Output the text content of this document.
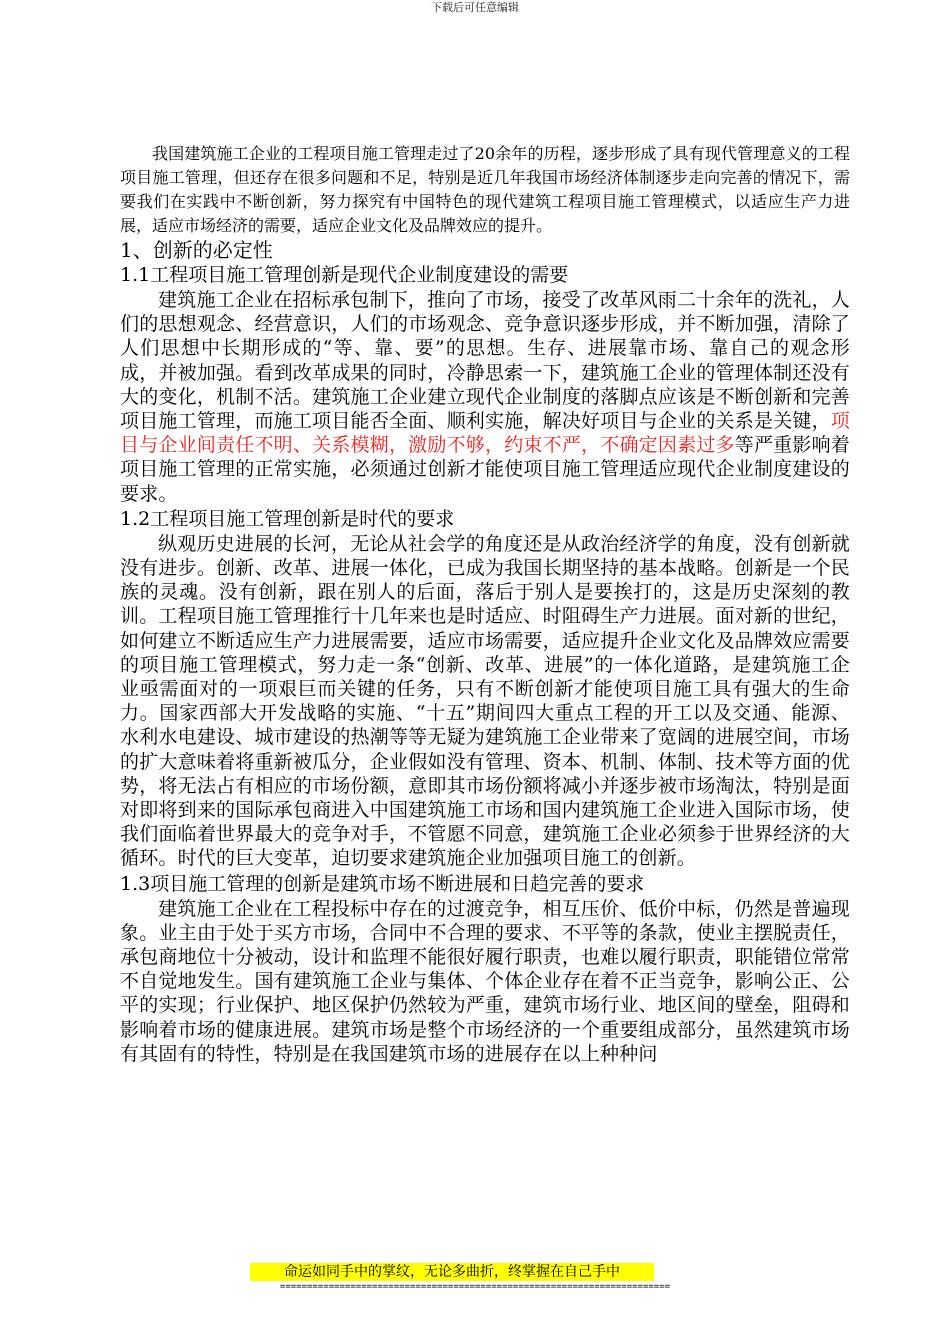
下载后可任意编辑

我国建筑施工企业的工程项目施工管理走过了20余年的历程，逐步形成了具有现代管理意义的工程项目施工管理，但还存在很多问题和不足，特别是近几年我国市场经济体制逐步走向完善的情况下，需要我们在实践中不断创新，努力探究有中国特色的现代建筑工程项目施工管理模式，以适应生产力进展，适应市场经济的需要，适应企业文化及品牌效应的提升。

1、创新的必定性
1.1工程项目施工管理创新是现代企业制度建设的需要

建筑施工企业在招标承包制下，推向了市场，接受了改革风雨二十余年的洗礼，人们的思想观念、经营意识，人们的市场观念、竞争意识逐步形成，并不断加强，清除了人们思想中长期形成的“等、靠、要”的思想。生存、进展靠市场、靠自己的观念形成，并被加强。看到改革成果的同时，冷静思索一下，建筑施工企业的管理体制还没有大的变化，机制不活。建筑施工企业建立现代企业制度的落脚点应该是不断创新和完善项目施工管理，而施工项目能否全面、顺利实施，解决好项目与企业的关系是关键，项目与企业间责任不明、关系模糊，激励不够，约束不严，不确定因素过多等严重影响着项目施工管理的正常实施，必须通过创新才能使项目施工管理适应现代企业制度建设的要求。

1.2工程项目施工管理创新是时代的要求

纵观历史进展的长河，无论从社会学的角度还是从政治经济学的角度，没有创新就没有进步。创新、改革、进展一体化，已成为我国长期坚持的基本战略。创新是一个民族的灵魂。没有创新，跟在别人的后面，落后于别人是要挨打的，这是历史深刻的教训。工程项目施工管理推行十几年来也是时适应、时阻碍生产力进展。面对新的世纪，如何建立不断适应生产力进展需要，适应市场需要，适应提升企业文化及品牌效应需要的项目施工管理模式，努力走一条“创新、改革、进展”的一体化道路，是建筑施工企业亟需面对的一项艰巨而关键的任务，只有不断创新才能使项目施工具有强大的生命力。国家西部大开发战略的实施、“十五”期间四大重点工程的开工以及交通、能源、水利水电建设、城市建设的热潮等等无疑为建筑施工企业带来了宽阔的进展空间，市场的扩大意味着将重新被瓜分，企业假如没有管理、资本、机制、体制、技术等方面的优势，将无法占有相应的市场份额，意即其市场份额将减小并逐步被市场淘汰，特别是面对即将到来的国际承包商进入中国建筑施工市场和国内建筑施工企业进入国际市场，使我们面临着世界最大的竞争对手，不管愿不同意，建筑施工企业必须参于世界经济的大循环。时代的巨大变革，迫切要求建筑施企业加强项目施工的创新。

1.3项目施工管理的创新是建筑市场不断进展和日趋完善的要求

建筑施工企业在工程投标中存在的过渡竞争，相互压价、低价中标，仍然是普遍现象。业主由于处于买方市场，合同中不合理的要求、不平等的条款，使业主摆脱责任，承包商地位十分被动，设计和监理不能很好履行职责，也难以履行职责，职能错位常常不自觉地发生。国有建筑施工企业与集体、个体企业存在着不正当竞争，影响公正、公平的实现；行业保护、地区保护仍然较为严重，建筑市场行业、地区间的壁垒，阻碍和影响着市场的健康进展。建筑市场是整个市场经济的一个重要组成部分，虽然建筑市场有其固有的特性，特别是在我国建筑市场的进展存在以上种种问

命运如同手中的掌纹，无论多曲折，终掌握在自己手中
========================================================================
